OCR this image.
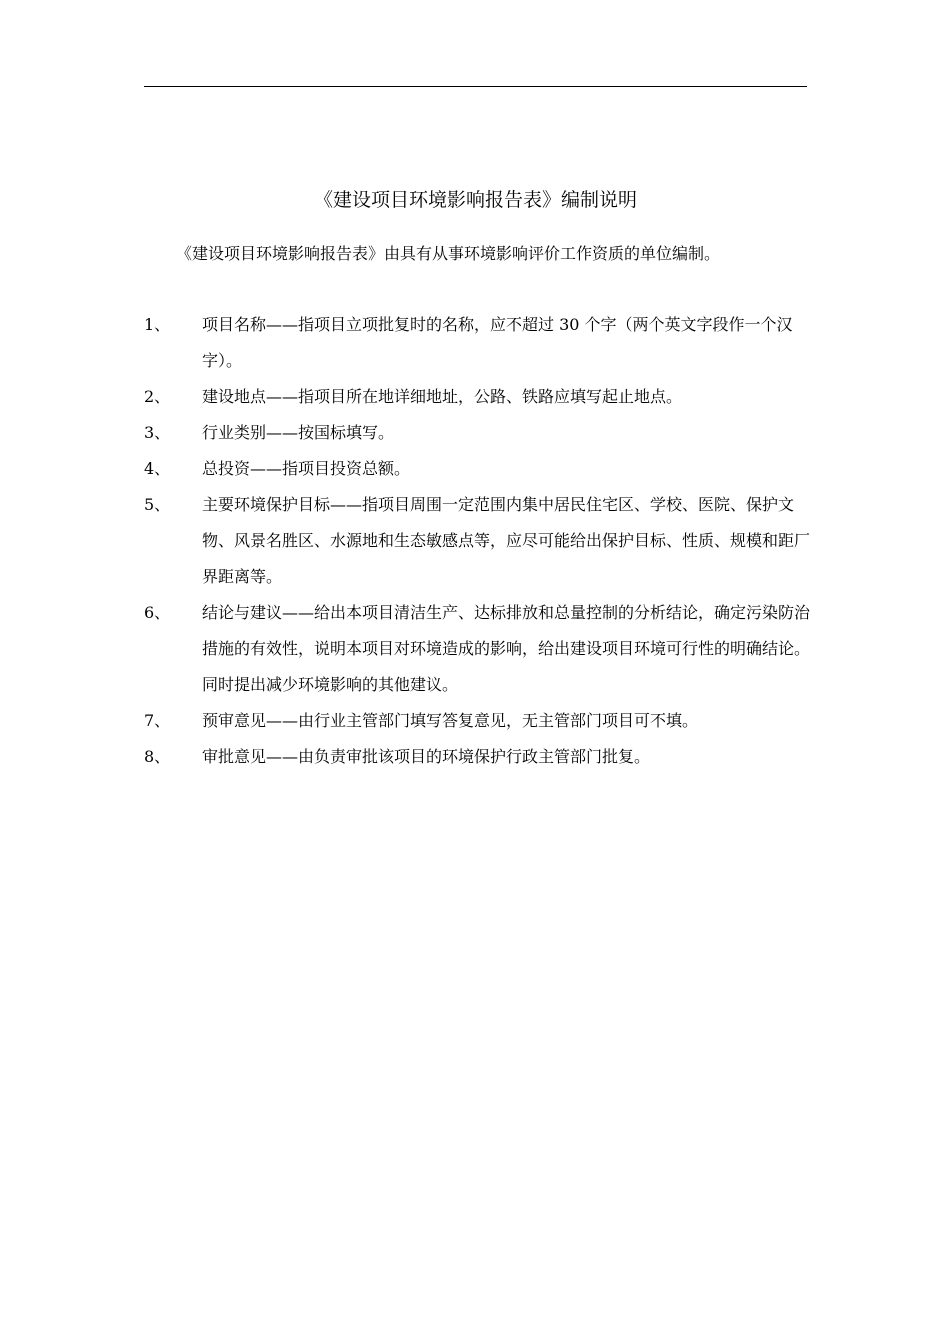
《建设项目环境影响报告表》编制说明
《建设项目环境影响报告表》由具有从事环境影响评价工作资质的单位编制。
1、	项目名称——指项目立项批复时的名称，应不超过 30 个字（两个英文字段作一个汉字）。
2、	建设地点——指项目所在地详细地址，公路、铁路应填写起止地点。
3、	行业类别——按国标填写。
4、	总投资——指项目投资总额。
5、	主要环境保护目标——指项目周围一定范围内集中居民住宅区、学校、医院、保护文物、风景名胜区、水源地和生态敏感点等，应尽可能给出保护目标、性质、规模和距厂界距离等。
6、	结论与建议——给出本项目清洁生产、达标排放和总量控制的分析结论，确定污染防治措施的有效性，说明本项目对环境造成的影响，给出建设项目环境可行性的明确结论。同时提出减少环境影响的其他建议。
7、	预审意见——由行业主管部门填写答复意见，无主管部门项目可不填。
8、	审批意见——由负责审批该项目的环境保护行政主管部门批复。
